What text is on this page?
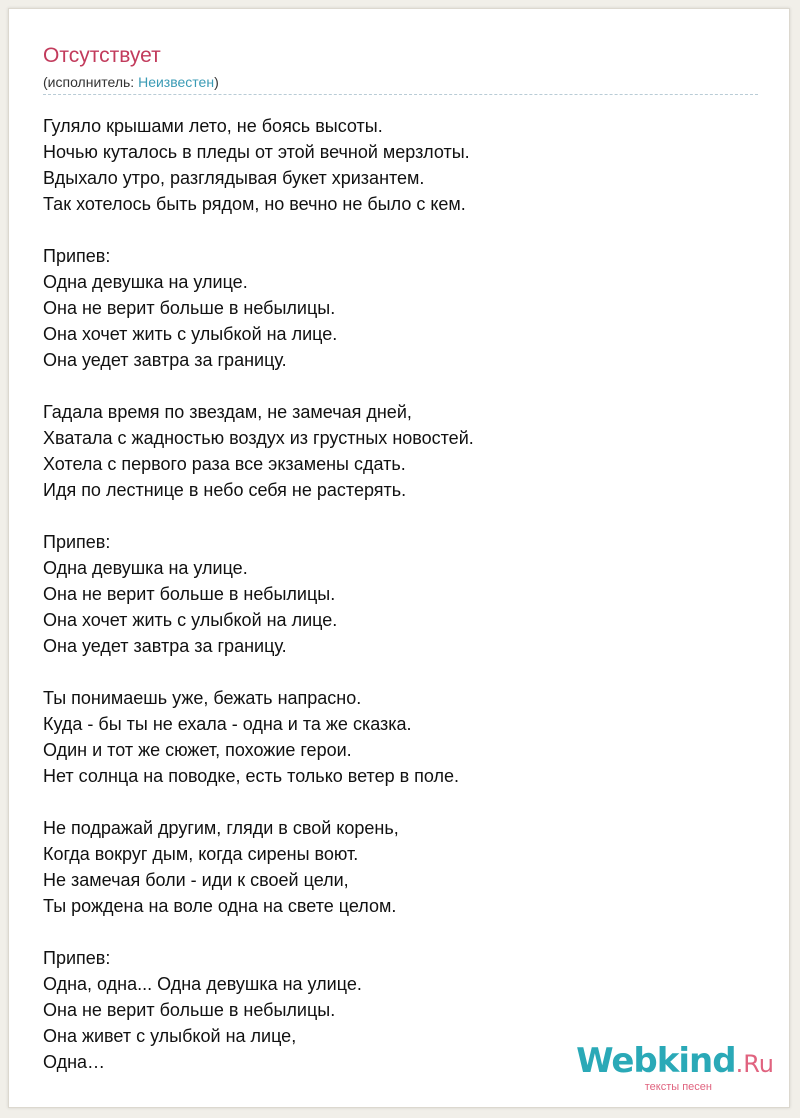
Отсутствует
(исполнитель: Неизвестен)
Гуляло крышами лето, не боясь высоты.
Ночью куталось в пледы от этой вечной мерзлоты.
Вдыхало утро, разглядывая букет хризантем.
Так хотелось быть рядом, но вечно не было с кем.
Припев:
Одна девушка на улице.
Она не верит больше в небылицы.
Она хочет жить с улыбкой на лице.
Она уедет завтра за границу.
Гадала время по звездам, не замечая дней,
Хватала с жадностью воздух из грустных новостей.
Хотела с первого раза все экзамены сдать.
Идя по лестнице в небо себя не растерять.
Припев:
Одна девушка на улице.
Она не верит больше в небылицы.
Она хочет жить с улыбкой на лице.
Она уедет завтра за границу.
Ты понимаешь уже, бежать напрасно.
Куда - бы ты не ехала - одна и та же сказка.
Один и тот же сюжет, похожие герои.
Нет солнца на поводке, есть только ветер в поле.
Не подражай другим, гляди в свой корень,
Когда вокруг дым, когда сирены воют.
Не замечая боли - иди к своей цели,
Ты рождена на воле одна на свете целом.
Припев:
Одна, одна... Одна девушка на улице.
Она не верит больше в небылицы.
Она живет с улыбкой на лице,
Одна…	Webkind.Ru
тексты песен
